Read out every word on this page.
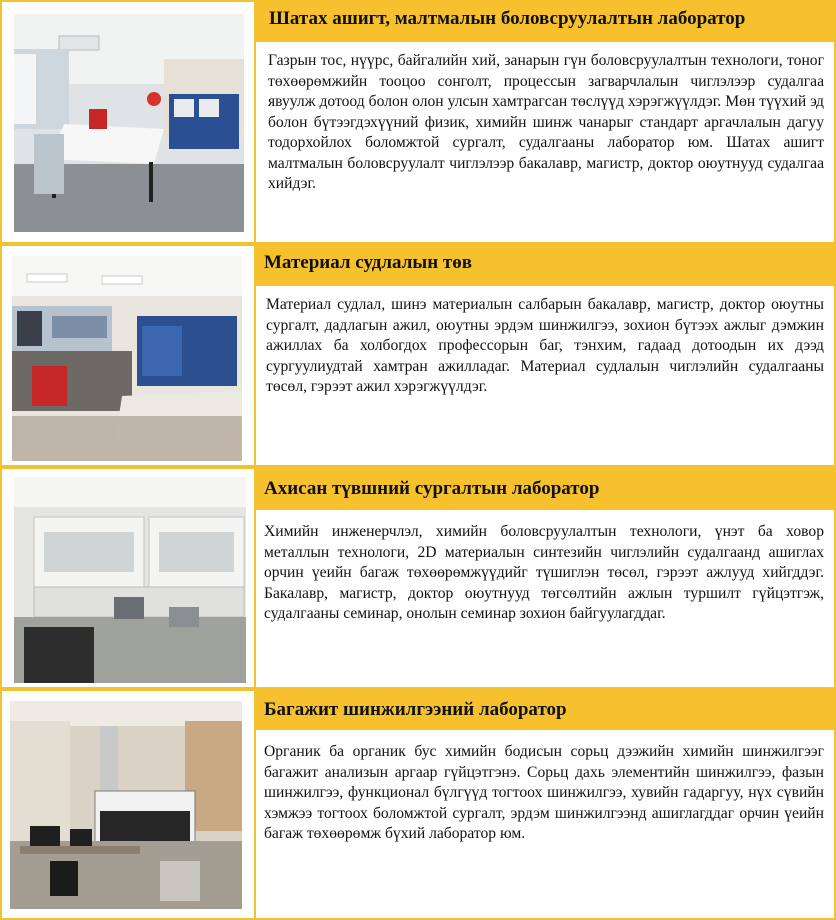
Шатах ашигт, малтмалын боловсруулалтын лаборатор
Газрын тос, нүүрс, байгалийн хий, занарын гүн боловсруулалтын технологи, тоног төхөөрөмжийн тооцоо сонголт, процессын загварчлалын чиглэлээр судалгаа явуулж дотоод болон олон улсын хамтрагсан төслүүд хэрэгжүүлдэг. Мөн түүхий эд болон бүтээгдэхүүний физик, химийн шинж чанарыг стандарт аргачлалын дагуу тодорхойлох боломжтой сургалт, судалгааны лаборатор юм. Шатах ашигт малтмалын боловсруулалт чиглэлээр бакалавр, магистр, доктор оюутнууд судалгаа хийдэг.
Материал судлалын төв
Материал судлал, шинэ материалын салбарын бакалавр, магистр, доктор оюутны сургалт, дадлагын ажил, оюутны эрдэм шинжилгээ, зохион бүтээх ажлыг дэмжин ажиллах ба холбогдох профессорын баг, тэнхим, гадаад дотоодын их дээд сургуулиудтай хамтран ажилладаг. Материал судлалын чиглэлийн судалгааны төсөл, гэрээт ажил хэрэгжүүлдэг.
Ахисан түвшний сургалтын лаборатор
Химийн инженерчлэл, химийн боловсруулалтын технологи, үнэт ба ховор металлын технологи, 2D материалын синтезийн чиглэлийн судалгаанд ашиглах орчин үеийн багаж төхөөрөмжүүдийг түшиглэн төсөл, гэрээт ажлууд хийгддэг. Бакалавр, магистр, доктор оюутнууд төгсөлтийн ажлын туршилт гүйцэтгэж, судалгааны семинар, онолын семинар зохион байгуулагддаг.
Багажит шинжилгээний лаборатор
Органик ба органик бус химийн бодисын сорьц дээжийн химийн шинжилгээг багажит анализын аргаар гүйцэтгэнэ. Сорьц дахь элементийн шинжилгээ, фазын шинжилгээ, функционал бүлгүүд тогтоох шинжилгээ, хувийн гадаргуу, нүх сүвийн хэмжээ тогтоох боломжтой сургалт, эрдэм шинжилгээнд ашиглагддаг орчин үеийн багаж төхөөрөмж бүхий лаборатор юм.
